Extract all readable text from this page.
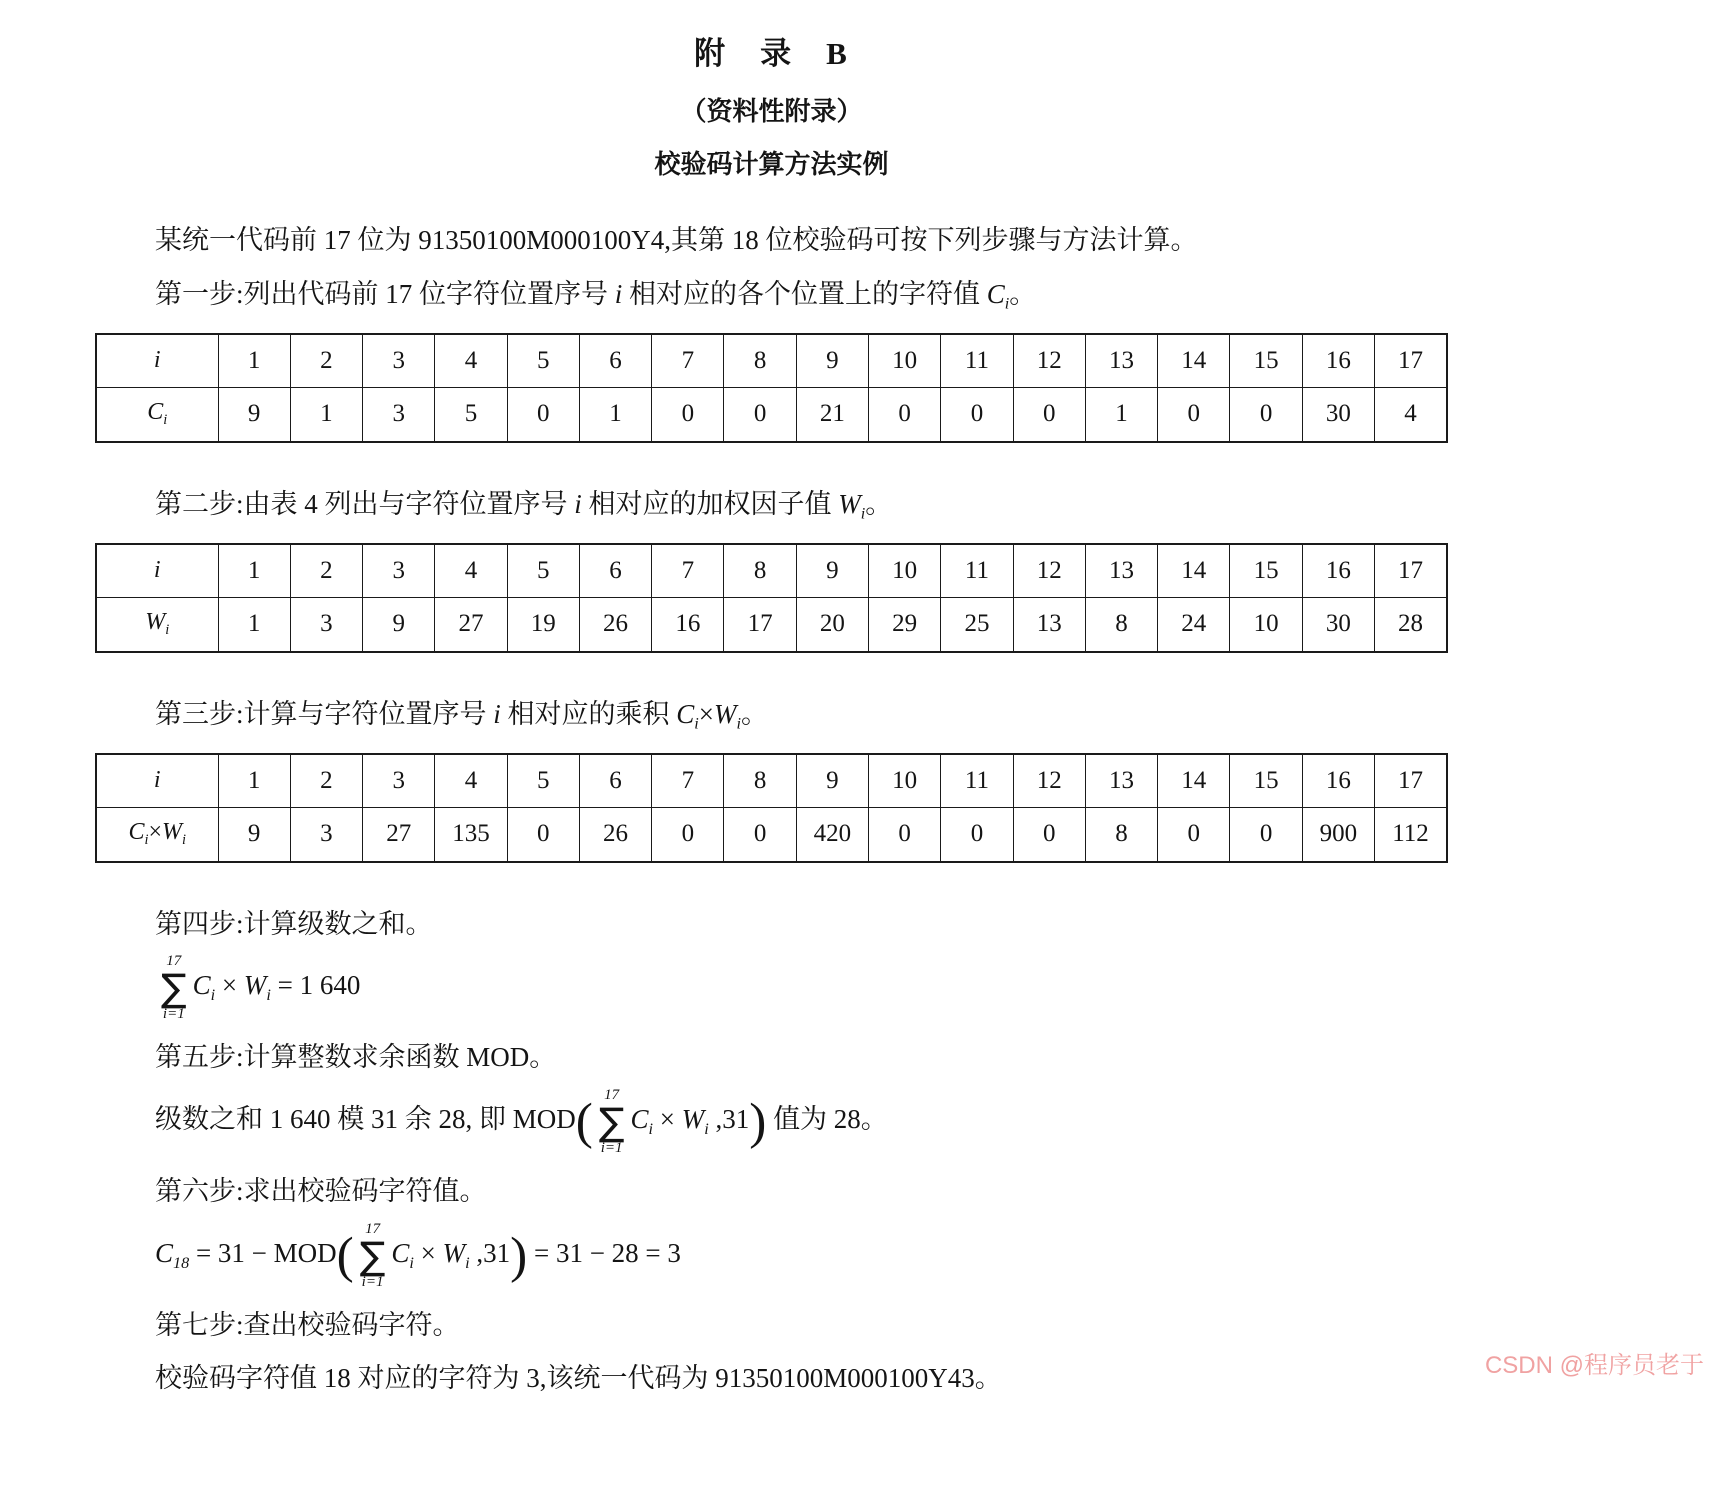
附　录　B
（资料性附录）
校验码计算方法实例
某统一代码前 17 位为 91350100M000100Y4,其第 18 位校验码可按下列步骤与方法计算。
第一步:列出代码前 17 位字符位置序号 i 相对应的各个位置上的字符值 $C_i$。
i	1	2	3	4	5	6	7	8	9	10	11	12	13	14	15	16	17
$C_i$	9	1	3	5	0	1	0	0	21	0	0	0	1	0	0	30	4
第二步:由表 4 列出与字符位置序号 i 相对应的加权因子值 $W_i$。
i	1	2	3	4	5	6	7	8	9	10	11	12	13	14	15	16	17
$W_i$	1	3	9	27	19	26	16	17	20	29	25	13	8	24	10	30	28
第三步:计算与字符位置序号 i 相对应的乘积 $C_i\times W_i$。
i	1	2	3	4	5	6	7	8	9	10	11	12	13	14	15	16	17
$C_i\times W_i$	9	3	27	135	0	26	0	0	420	0	0	0	8	0	0	900	112
第四步:计算级数之和。
17
∑
i=1
$C_i \times W_i = 1$ 640
第五步:计算整数求余函数 MOD。
级数之和 1 640 模 31 余 28, 即 MOD( 17
∑
i=1
$C_i \times W_i$ ,31) 值为 28。
第六步:求出校验码字符值。
$C_{18} = 31 - MOD$( 17
∑
i=1
$C_i \times W_i$ ,31) = 31 − 28 = 3
第七步:查出校验码字符。
校验码字符值 18 对应的字符为 3,该统一代码为 91350100M000100Y43。	CSDN @程序员老于
